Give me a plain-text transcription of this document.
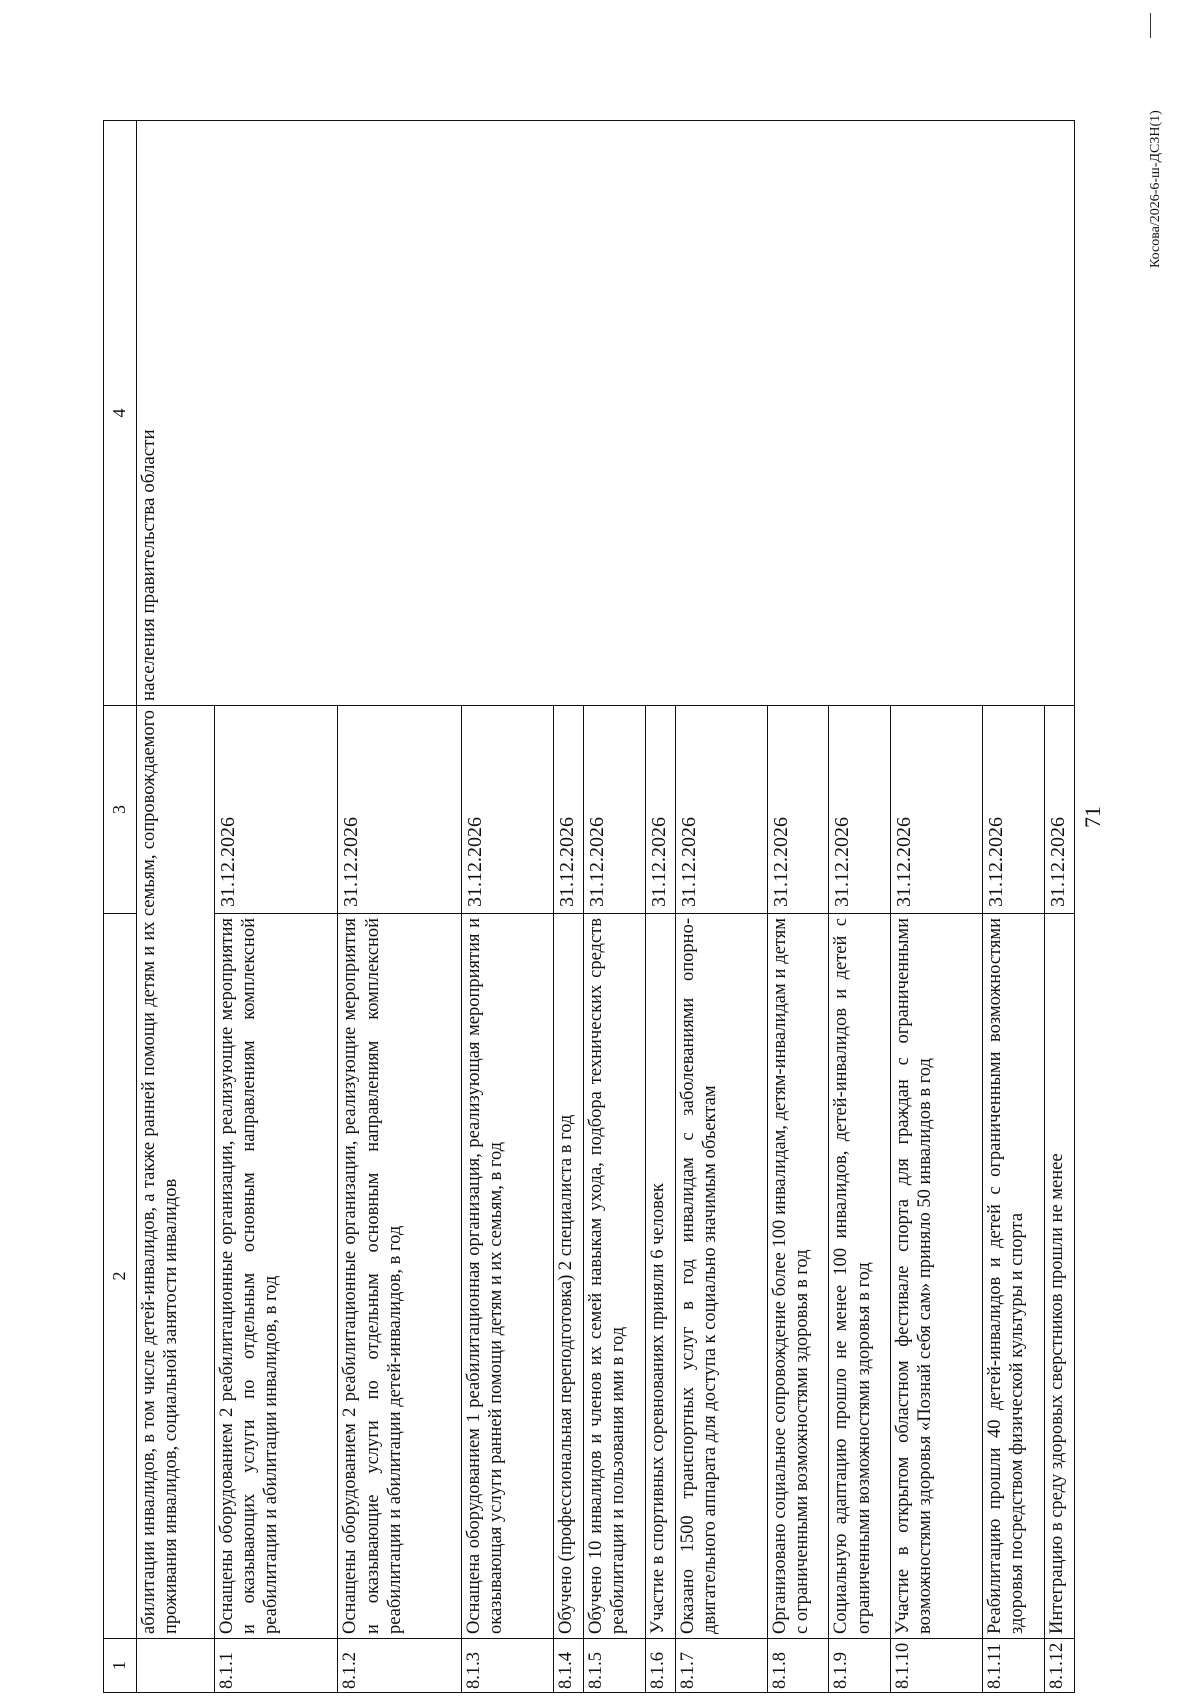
71
1	2	3	4
	абилитации инвалидов, в том числе детей-инвалидов, а также ранней помощи детям и их семьям, сопровождаемого проживания инвалидов, социальной занятости инвалидов		населения правительства области
8.1.1	Оснащены оборудованием 2 реабилитационные организации, реализующие мероприятия и оказывающих услуги по отдельным основным направлениям комплексной реабилитации и абилитации инвалидов, в год	31.12.2026	
8.1.2	Оснащены оборудованием 2 реабилитационные организации, реализующие мероприятия и оказывающие услуги по отдельным основным направлениям комплексной реабилитации и абилитации детей-инвалидов, в год	31.12.2026	
8.1.3	Оснащена оборудованием 1 реабилитационная организация, реализующая мероприятия и оказывающая услуги ранней помощи детям и их семьям, в год	31.12.2026	
8.1.4	Обучено (профессиональная переподготовка) 2 специалиста в год	31.12.2026	
8.1.5	Обучено 10 инвалидов и членов их семей навыкам ухода, подбора технических средств реабилитации и пользования ими в год	31.12.2026	
8.1.6	Участие в спортивных соревнованиях приняли 6 человек	31.12.2026	
8.1.7	Оказано 1500 транспортных услуг в год инвалидам с заболеваниями опорно-двигательного аппарата для доступа к социально значимым объектам	31.12.2026	
8.1.8	Организовано социальное сопровождение более 100 инвалидам, детям-инвалидам и детям с ограниченными возможностями здоровья в год	31.12.2026	
8.1.9	Социальную адаптацию прошло не менее 100 инвалидов, детей-инвалидов и детей с ограниченными возможностями здоровья в год	31.12.2026	
8.1.10	Участие в открытом областном фестивале спорта для граждан с ограниченными возможностями здоровья «Познай себя сам» приняло 50 инвалидов в год	31.12.2026	
8.1.11	Реабилитацию прошли 40 детей-инвалидов и детей с ограниченными возможностями здоровья посредством физической культуры и спорта	31.12.2026	
8.1.12	Интеграцию в среду здоровых сверстников прошли не менее	31.12.2026	
Косова/2026-6-ш-ДСЗН(1)
